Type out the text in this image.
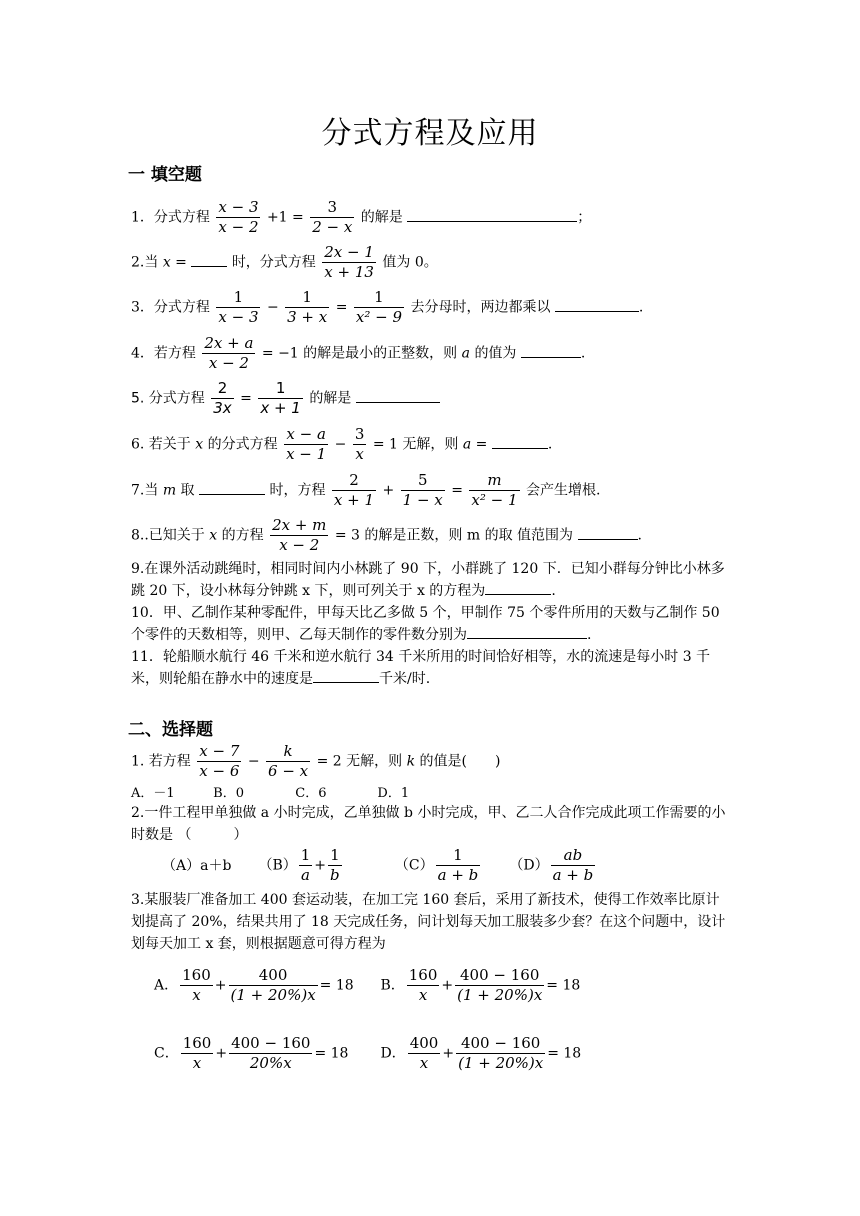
分式方程及应用
一 填空题
1．分式方程 $\frac{x - 3}{x - 2} +1 = \frac{3}{2 - x}$ 的解是	；
2.当 x =	时，分式方程 $\frac{2x - 1}{x + 13}$ 值为 0。
3．分式方程 $\frac{1}{x - 3} - \frac{1}{3 + x} = \frac{1}{\text{x² − 9}}$ 去分母时，两边都乘以	.
4．若方程 $\frac{2x + a}{x - 2} = -1$ 的解是最小的正整数，则 a 的值为	.
5. 分式方程 $\frac{2}{3x} = \frac{1}{x + 1}$ 的解是
6. 若关于 x 的分式方程 $\frac{x - a}{x - 1} - \frac{3}{x} = 1$ 无解，则 a =	.
7.当 m 取	时，方程 $\frac{2}{x + 1} + \frac{5}{1 - x} = \frac{m}{\text{x² − 1}}$ 会产生增根.
8..已知关于 x 的方程 $\frac{2x + m}{x - 2} = 3$ 的解是正数，则 m 的取 值范围为	.
9.在课外活动跳绳时，相同时间内小林跳了 90 下，小群跳了 120 下．已知小群每分钟比小林多跳 20 下，设小林每分钟跳 x 下，则可列关于 x 的方程为	.
10．甲、乙制作某种零配件，甲每天比乙多做 5 个，甲制作 75 个零件所用的天数与乙制作 50 个零件的天数相等，则甲、乙每天制作的零件数分别为	.
11．轮船顺水航行 46 千米和逆水航行 34 千米所用的时间恰好相等，水的流速是每小时 3 千米，则轮船在静水中的速度是	千米/时.
二、选择题
1. 若方程 $\frac{x - 7}{x - 6} - \frac{k}{6 - x} = 2$ 无解，则 k 的值是(　　)
A．－1	B．0	C．6	D．1
2.一件工程甲单独做 a 小时完成，乙单独做 b 小时完成，甲、乙二人合作完成此项工作需要的小时数是 （　　　）
（A）a＋b $(B) \frac{1}{a} + \frac{1}{b}$	$(C) \frac{1}{a + b} (D) \frac{ab}{a + b}$
3.某服装厂准备加工 400 套运动装，在加工完 160 套后，采用了新技术，使得工作效率比原计划提高了 20%，结果共用了 18 天完成任务，问计划每天加工服装多少套？在这个问题中，设计划每天加工 x 套，则根据题意可得方程为
A． $\frac{160}{x} + \frac{400}{(1 + 20\%)x} = 18$ B． $\frac{160}{x} + \frac{400 - 160}{(1 + 20\%)x} = 18$
C． $\frac{160}{x} + \frac{400 - 160}{20\%x} = 18$ D． $\frac{400}{x} + \frac{400 - 160}{(1 + 20\%)x} = 18$
